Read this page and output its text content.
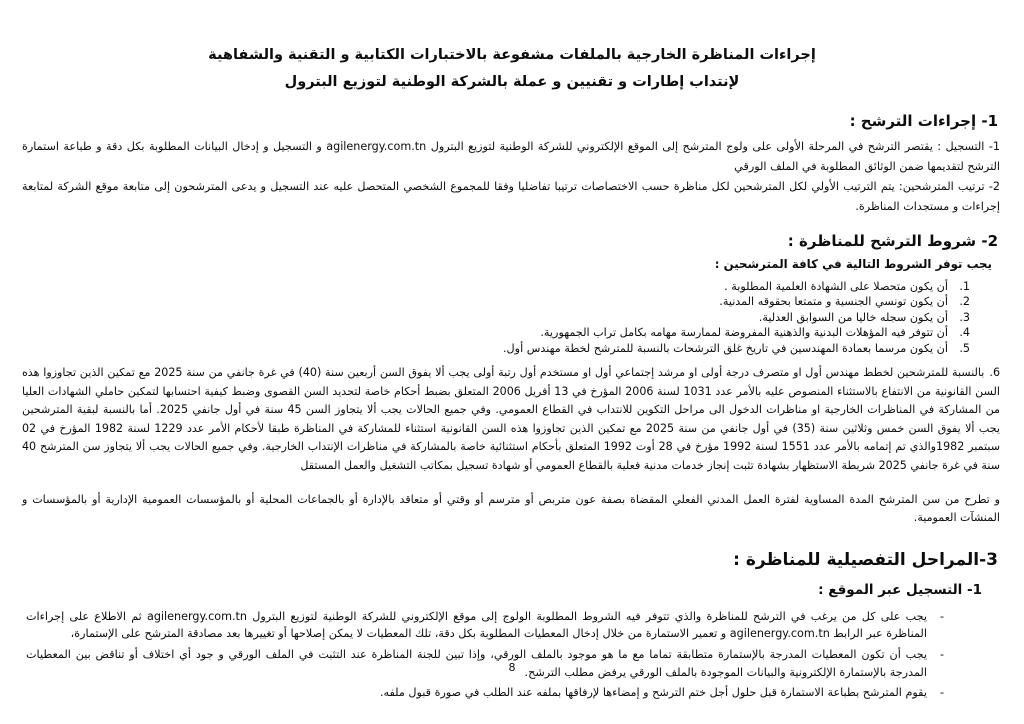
إجراءات المناظرة الخارجية بالملفات مشفوعة بالاختبارات الكتابية و التقنية والشفاهية
لإنتداب إطارات و تقنيين و عملة بالشركة الوطنية لتوزيع البترول
1- إجراءات الترشح :

1- التسجيل : يقتصر الترشح في المرحلة الأولى على ولوج المترشح إلى الموقع الإلكتروني للشركة الوطنية لتوزيع البترول agilenergy.com.tn و التسجيل و إدخال البيانات المطلوبة بكل دقة و طباعة استمارة الترشح لتقديمها ضمن الوثائق المطلوبة في الملف الورقي

2- ترتيب المترشحين: يتم الترتيب الأولي لكل المترشحين لكل مناظرة حسب الاختصاصات ترتيبا تفاضليا وفقا للمجموع الشخصي المتحصل عليه عند التسجيل و يدعى المترشحون إلى متابعة موقع الشركة لمتابعة إجراءات و مستجدات المناظرة.

2- شروط الترشح للمناظرة :
يجب توفر الشروط التالية في كافة المترشحين :
1.
أن يكون متحصلا على الشهادة العلمية المطلوبة .
2.
أن يكون تونسي الجنسية و متمتعا بحقوقه المدنية.
3.
أن يكون سجله خاليا من السوابق العدلية.
4.
أن تتوفر فيه المؤهلات البدنية والذهنية المفروضة لممارسة مهامه بكامل تراب الجمهورية.
5.
أن يكون مرسما بعمادة المهندسين في تاريخ غلق الترشحات بالنسبة للمترشح لخطة مهندس أول.

6.بالنسبة للمترشحين لخطط مهندس أول او متصرف درجة أولى او مرشد إجتماعي أول او مستخدم أول رتبة أولى يجب ألا يفوق السن أربعين سنة (40) في غرة جانفي من سنة 2025 مع تمكين الذين تجاوزوا هذه السن القانونية من الانتفاع بالاستثناء المنصوص عليه بالأمر عدد 1031 لسنة 2006 المؤرخ في 13 أفريل 2006 المتعلق بضبط أحكام خاصة لتحديد السن القصوى وضبط كيفية احتسابها لتمكين حاملي الشهادات العليا من المشاركة في المناظرات الخارجية او مناظرات الدخول الى مراحل التكوين للانتداب في القطاع العمومي. وفي جميع الحالات يجب ألا يتجاوز السن 45 سنة في أول جانفي 2025. أما بالنسبة لبقية المترشحين يجب ألا يفوق السن خمس وثلاثين سنة (35) في أول جانفي من سنة 2025 مع تمكين الذين تجاوزوا هذه السن القانونية استثناء للمشاركة في المناظرة طبقا لأحكام الأمر عدد 1229 لسنة 1982 المؤرخ في 02 سبتمبر 1982والذي تم إتمامه بالأمر عدد 1551 لسنة 1992 مؤرخ في 28 أوت 1992 المتعلق بأحكام استثنائية خاصة بالمشاركة في مناظرات الإنتداب الخارجية. وفي جميع الحالات يجب ألا يتجاوز سن المترشح 40 سنة في غرة جانفي 2025 شريطة الاستظهار بشهادة تثبت إنجاز خدمات مدنية فعلية بالقطاع العمومي أو شهادة تسجيل بمكاتب التشغيل والعمل المستقل

و تطرح من سن المترشح المدة المساوية لفترة العمل المدني الفعلي المقضاة بصفة عون متربص أو مترسم أو وقتي أو متعاقد بالإدارة أو بالجماعات المحلية أو بالمؤسسات العمومية الإدارية أو بالمؤسسات و المنشآت العمومية.

3-المراحل التفصيلية للمناظرة :
1- التسجيل عبر الموقع :
-
يجب على كل من يرغب في الترشح للمناظرة والذي تتوفر فيه الشروط المطلوبة الولوج إلى موقع الإلكتروني للشركة الوطنية لتوزيع البترول agilenergy.com.tn ثم الاطلاع على إجراءات المناظرة عبر الرابط agilenergy.com.tn و تعمير الاستمارة من خلال إدخال المعطيات المطلوبة بكل دقة، تلك المعطيات لا يمكن إصلاحها أو تغييرها بعد مصادقة المترشح على الإستمارة،
-
يجب أن تكون المعطيات المدرجة بالإستمارة متطابقة تماما مع ما هو موجود بالملف الورقي، وإذا تبين للجنة المناظرة عند التثبت في الملف الورقي و جود أي اختلاف أو تناقض بين المعطيات المدرجة بالإستمارة الإلكترونية والبيانات الموجودة بالملف الورقي يرفض مطلب الترشح.
-
يقوم المترشح بطباعة الاستمارة قبل حلول أجل ختم الترشح و إمضاءها لإرفاقها بملفه عند الطلب في صورة قبول ملفه.
8
